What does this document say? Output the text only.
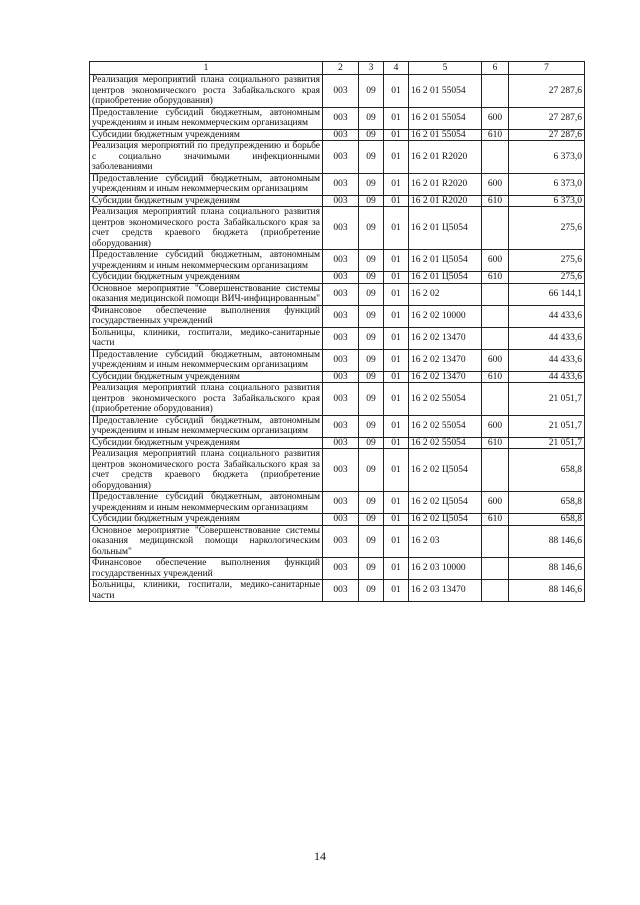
1	2	3	4	5	6	7
Реализация мероприятий плана социального развития центров экономического роста Забайкальского края (приобретение оборудования)	003	09	01	16 2 01 55054		27 287,6
Предоставление субсидий бюджетным, автономным учреждениям и иным некоммерческим организациям	003	09	01	16 2 01 55054	600	27 287,6
Субсидии бюджетным учреждениям	003	09	01	16 2 01 55054	610	27 287,6
Реализация мероприятий по предупреждению и борьбе с социально значимыми инфекционными заболеваниями	003	09	01	16 2 01 R2020		6 373,0
Предоставление субсидий бюджетным, автономным учреждениям и иным некоммерческим организациям	003	09	01	16 2 01 R2020	600	6 373,0
Субсидии бюджетным учреждениям	003	09	01	16 2 01 R2020	610	6 373,0
Реализация мероприятий плана социального развития центров экономического роста Забайкальского края за счет средств краевого бюджета (приобретение оборудования)	003	09	01	16 2 01 Ц5054		275,6
Предоставление субсидий бюджетным, автономным учреждениям и иным некоммерческим организациям	003	09	01	16 2 01 Ц5054	600	275,6
Субсидии бюджетным учреждениям	003	09	01	16 2 01 Ц5054	610	275,6
Основное мероприятие "Совершенствование системы оказания медицинской помощи ВИЧ-инфицированным"	003	09	01	16 2 02		66 144,1
Финансовое обеспечение выполнения функций государственных учреждений	003	09	01	16 2 02 10000		44 433,6
Больницы, клиники, госпитали, медико-санитарные части	003	09	01	16 2 02 13470		44 433,6
Предоставление субсидий бюджетным, автономным учреждениям и иным некоммерческим организациям	003	09	01	16 2 02 13470	600	44 433,6
Субсидии бюджетным учреждениям	003	09	01	16 2 02 13470	610	44 433,6
Реализация мероприятий плана социального развития центров экономического роста Забайкальского края (приобретение оборудования)	003	09	01	16 2 02 55054		21 051,7
Предоставление субсидий бюджетным, автономным учреждениям и иным некоммерческим организациям	003	09	01	16 2 02 55054	600	21 051,7
Субсидии бюджетным учреждениям	003	09	01	16 2 02 55054	610	21 051,7
Реализация мероприятий плана социального развития центров экономического роста Забайкальского края за счет средств краевого бюджета (приобретение оборудования)	003	09	01	16 2 02 Ц5054		658,8
Предоставление субсидий бюджетным, автономным учреждениям и иным некоммерческим организациям	003	09	01	16 2 02 Ц5054	600	658,8
Субсидии бюджетным учреждениям	003	09	01	16 2 02 Ц5054	610	658,8
Основное мероприятие "Совершенствование системы оказания медицинской помощи наркологическим больным"	003	09	01	16 2 03		88 146,6
Финансовое обеспечение выполнения функций государственных учреждений	003	09	01	16 2 03 10000		88 146,6
Больницы, клиники, госпитали, медико-санитарные части	003	09	01	16 2 03 13470		88 146,6
14
